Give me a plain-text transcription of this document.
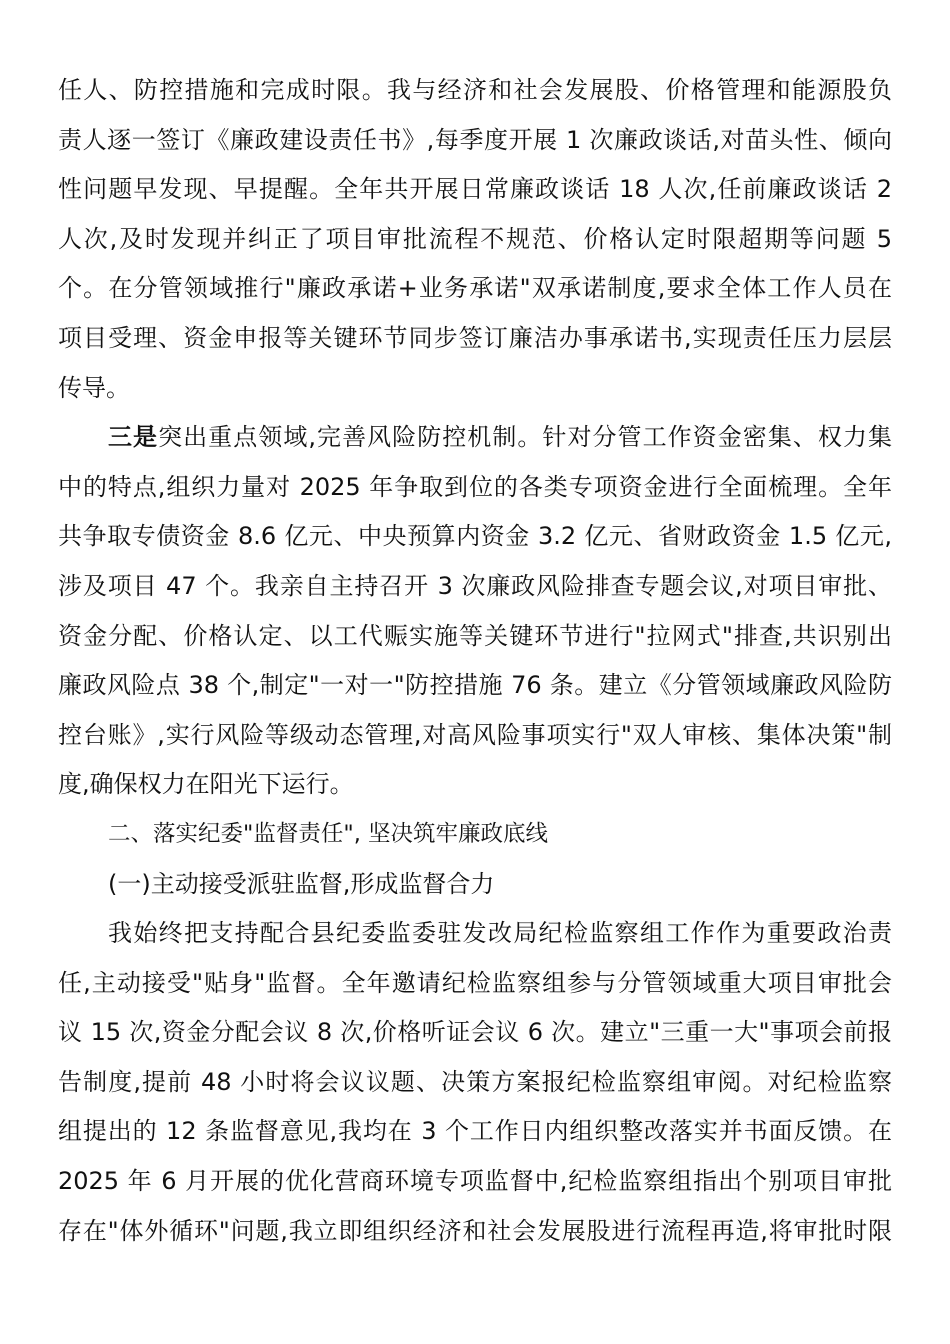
任人、防控措施和完成时限。我与经济和社会发展股、价格管理和能源股负
责人逐一签订《廉政建设责任书》,每季度开展 1 次廉政谈话,对苗头性、倾向
性问题早发现、早提醒。全年共开展日常廉政谈话 18 人次,任前廉政谈话 2
人次,及时发现并纠正了项目审批流程不规范、价格认定时限超期等问题 5
个。在分管领域推行"廉政承诺+业务承诺"双承诺制度,要求全体工作人员在
项目受理、资金申报等关键环节同步签订廉洁办事承诺书,实现责任压力层层
传导。
三是突出重点领域,完善风险防控机制。针对分管工作资金密集、权力集
中的特点,组织力量对 2025 年争取到位的各类专项资金进行全面梳理。全年
共争取专债资金 8.6 亿元、中央预算内资金 3.2 亿元、省财政资金 1.5 亿元,
涉及项目 47 个。我亲自主持召开 3 次廉政风险排查专题会议,对项目审批、
资金分配、价格认定、以工代赈实施等关键环节进行"拉网式"排查,共识别出
廉政风险点 38 个,制定"一对一"防控措施 76 条。建立《分管领域廉政风险防
控台账》,实行风险等级动态管理,对高风险事项实行"双人审核、集体决策"制
度,确保权力在阳光下运行。
二、落实纪委"监督责任", 坚决筑牢廉政底线
(一)主动接受派驻监督,形成监督合力
我始终把支持配合县纪委监委驻发改局纪检监察组工作作为重要政治责
任,主动接受"贴身"监督。全年邀请纪检监察组参与分管领域重大项目审批会
议 15 次,资金分配会议 8 次,价格听证会议 6 次。建立"三重一大"事项会前报
告制度,提前 48 小时将会议议题、决策方案报纪检监察组审阅。对纪检监察
组提出的 12 条监督意见,我均在 3 个工作日内组织整改落实并书面反馈。在
2025 年 6 月开展的优化营商环境专项监督中,纪检监察组指出个别项目审批
存在"体外循环"问题,我立即组织经济和社会发展股进行流程再造,将审批时限
